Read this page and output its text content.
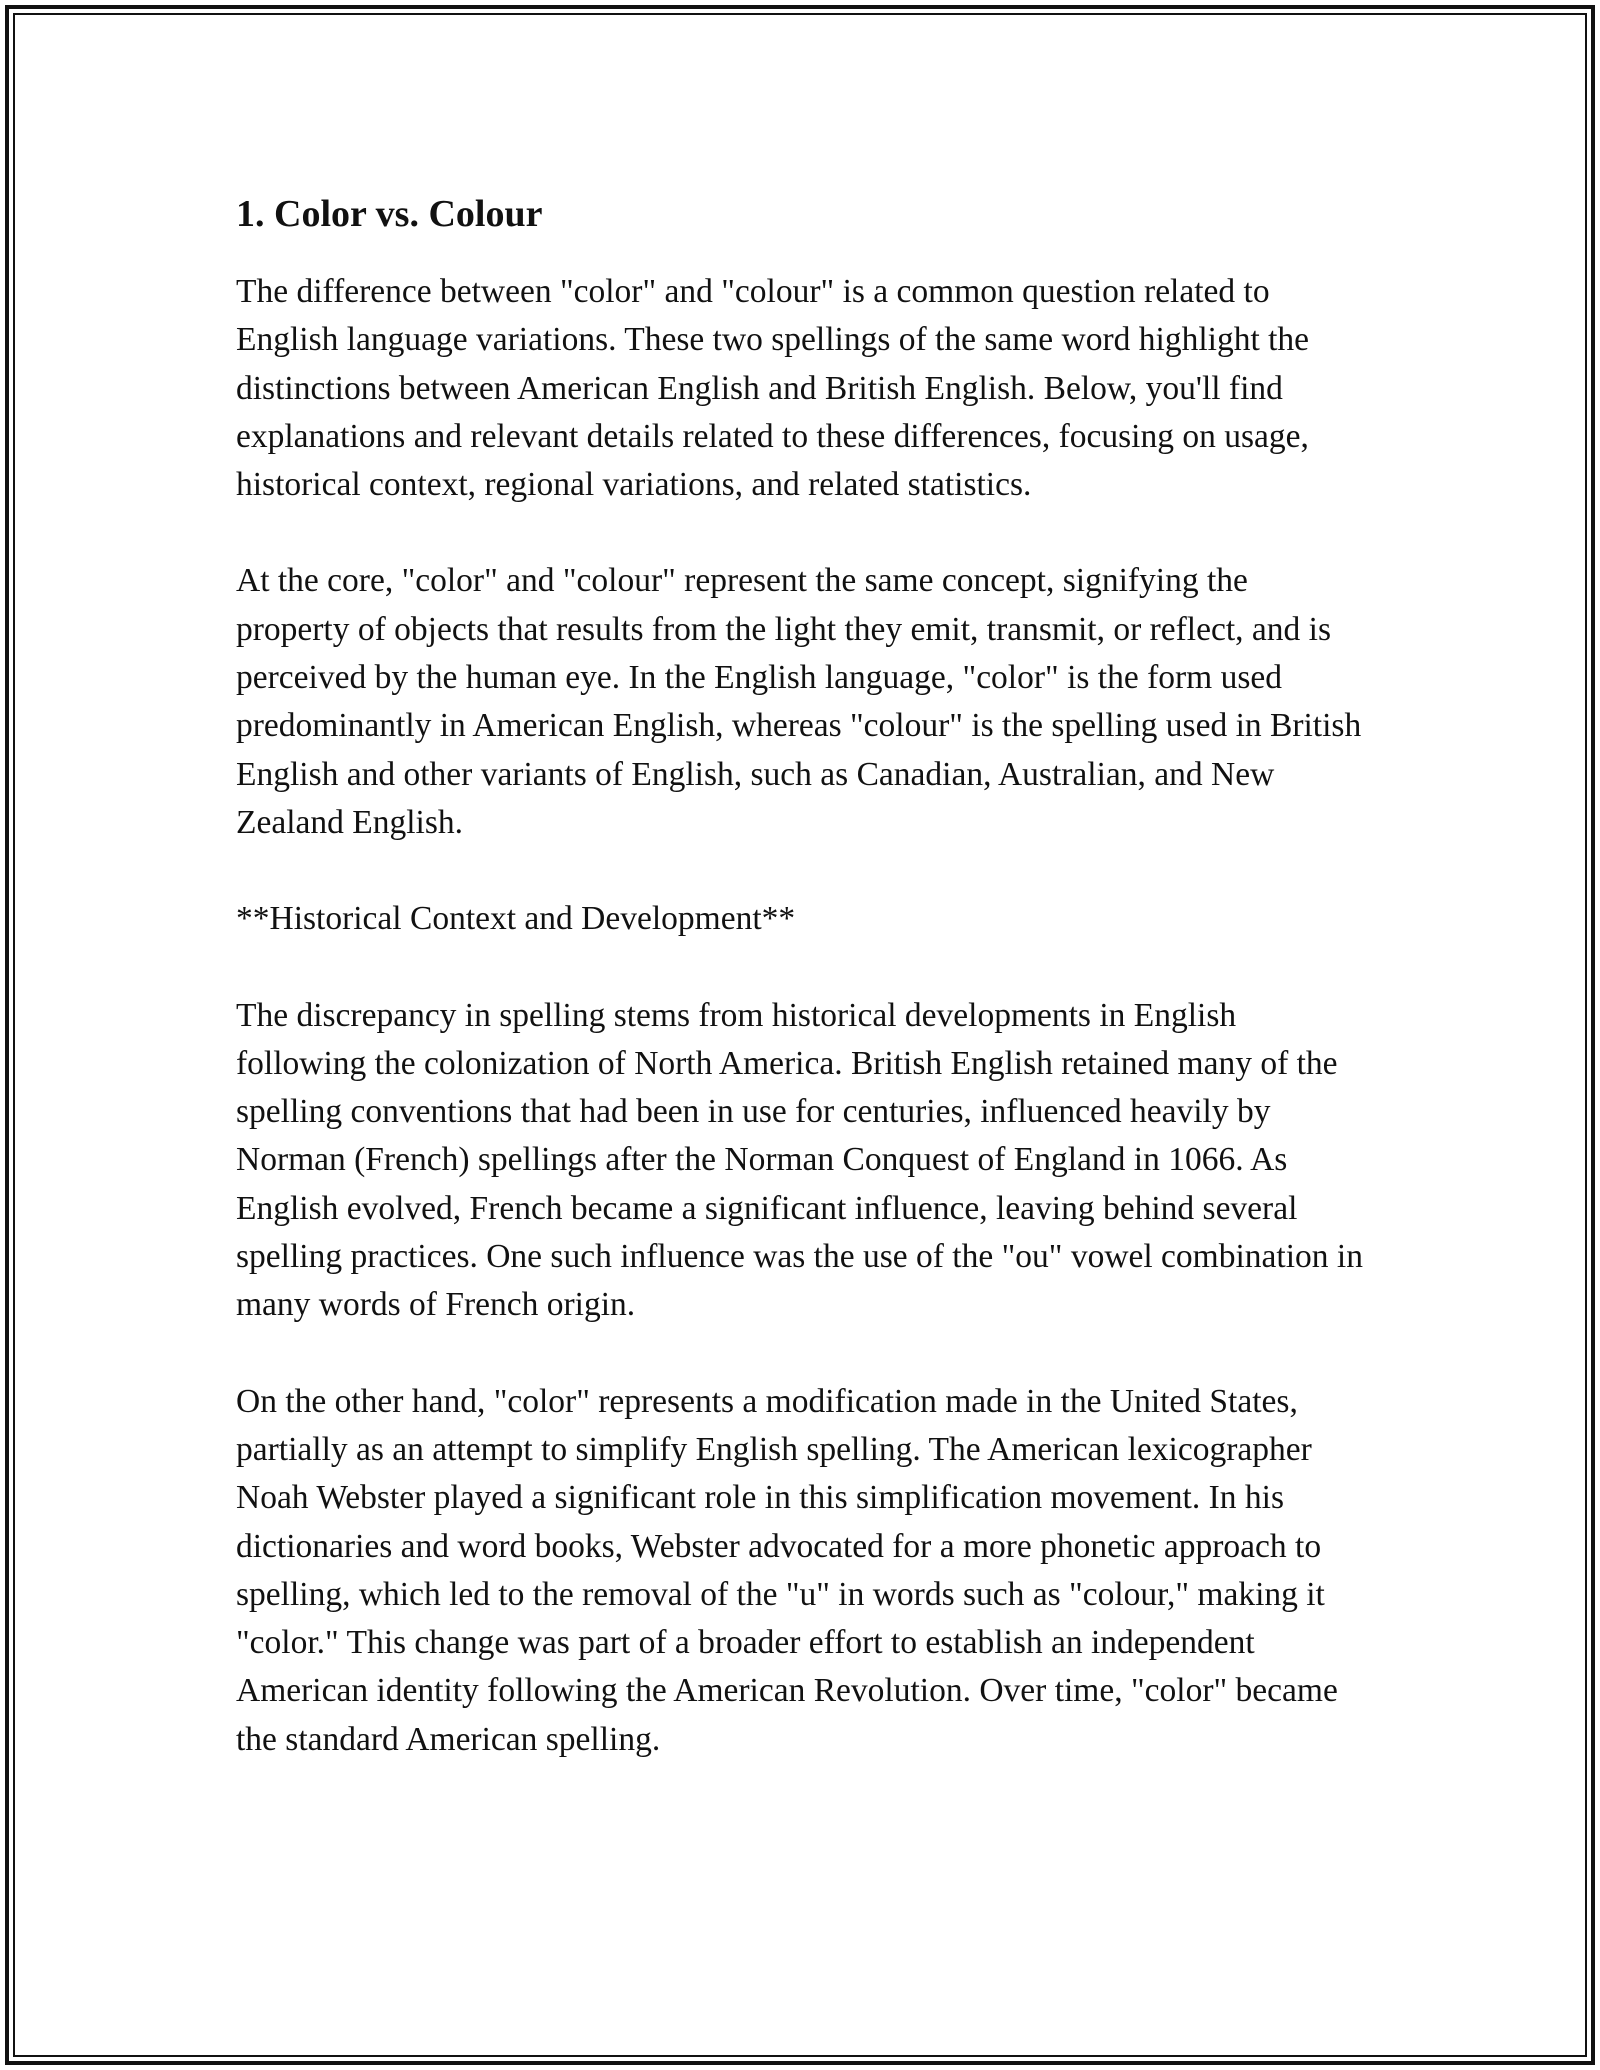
1. Color vs. Colour

The difference between "color" and "colour" is a common question related to English language variations. These two spellings of the same word highlight the distinctions between American English and British English. Below, you'll find explanations and relevant details related to these differences, focusing on usage, historical context, regional variations, and related statistics.

At the core, "color" and "colour" represent the same concept, signifying the property of objects that results from the light they emit, transmit, or reflect, and is perceived by the human eye. In the English language, "color" is the form used predominantly in American English, whereas "colour" is the spelling used in British English and other variants of English, such as Canadian, Australian, and New Zealand English.

**Historical Context and Development**

The discrepancy in spelling stems from historical developments in English following the colonization of North America. British English retained many of the spelling conventions that had been in use for centuries, influenced heavily by Norman (French) spellings after the Norman Conquest of England in 1066. As English evolved, French became a significant influence, leaving behind several spelling practices. One such influence was the use of the "ou" vowel combination in many words of French origin.

On the other hand, "color" represents a modification made in the United States, partially as an attempt to simplify English spelling. The American lexicographer Noah Webster played a significant role in this simplification movement. In his dictionaries and word books, Webster advocated for a more phonetic approach to spelling, which led to the removal of the "u" in words such as "colour," making it "color." This change was part of a broader effort to establish an independent American identity following the American Revolution. Over time, "color" became the standard American spelling.
